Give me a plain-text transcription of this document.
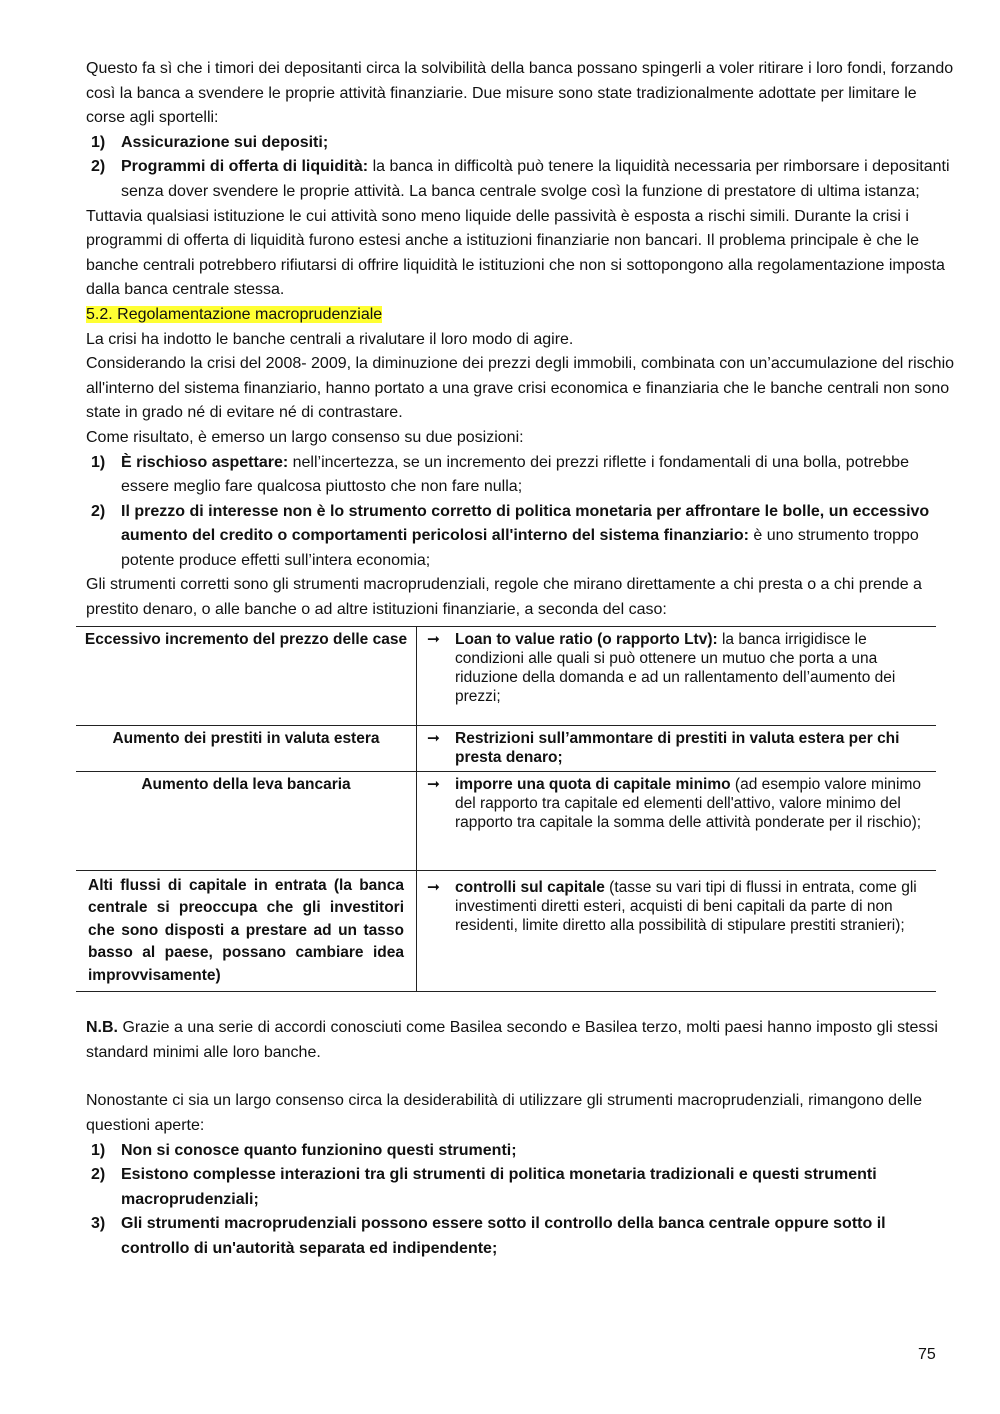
Questo fa sì che i timori dei depositanti circa la solvibilità della banca possano spingerli a voler ritirare i loro fondi, forzando così la banca a svendere le proprie attività finanziarie. Due misure sono state tradizionalmente adottate per limitare le corse agli sportelli:

1) Assicurazione sui depositi;
2) Programmi di offerta di liquidità: la banca in difficoltà può tenere la liquidità necessaria per rimborsare i depositanti senza dover svendere le proprie attività. La banca centrale svolge così la funzione di prestatore di ultima istanza;

Tuttavia qualsiasi istituzione le cui attività sono meno liquide delle passività è esposta a rischi simili. Durante la crisi i programmi di offerta di liquidità furono estesi anche a istituzioni finanziarie non bancari. Il problema principale è che le banche centrali potrebbero rifiutarsi di offrire liquidità le istituzioni che non si sottopongono alla regolamentazione imposta dalla banca centrale stessa.

5.2. Regolamentazione macroprudenziale

La crisi ha indotto le banche centrali a rivalutare il loro modo di agire.

Considerando la crisi del 2008- 2009, la diminuzione dei prezzi degli immobili, combinata con un’accumulazione del rischio all'interno del sistema finanziario, hanno portato a una grave crisi economica e finanziaria che le banche centrali non sono state in grado né di evitare né di contrastare.

Come risultato, è emerso un largo consenso su due posizioni:

1) È rischioso aspettare: nell’incertezza, se un incremento dei prezzi riflette i fondamentali di una bolla, potrebbe essere meglio fare qualcosa piuttosto che non fare nulla;
2) Il prezzo di interesse non è lo strumento corretto di politica monetaria per affrontare le bolle, un eccessivo aumento del credito o comportamenti pericolosi all'interno del sistema finanziario: è uno strumento troppo potente produce effetti sull’intera economia;

Gli strumenti corretti sono gli strumenti macroprudenziali, regole che mirano direttamente a chi presta o a chi prende a prestito denaro, o alle banche o ad altre istituzioni finanziarie, a seconda del caso:

Eccessivo incremento del prezzo delle case	➞ Loan to value ratio (o rapporto Ltv): la banca irrigidisce le condizioni alle quali si può ottenere un mutuo che porta a una riduzione della domanda e ad un rallentamento dell’aumento dei prezzi;

Aumento dei prestiti in valuta estera	➞ Restrizioni sull’ammontare di prestiti in valuta estera per chi presta denaro;

Aumento della leva bancaria	➞ imporre una quota di capitale minimo (ad esempio valore minimo del rapporto tra capitale ed elementi dell'attivo, valore minimo del rapporto tra capitale la somma delle attività ponderate per il rischio);

Alti flussi di capitale in entrata (la banca centrale si preoccupa che gli investitori che sono disposti a prestare ad un tasso basso al paese, possano cambiare idea improvvisamente)	➞ controlli sul capitale (tasse su vari tipi di flussi in entrata, come gli investimenti diretti esteri, acquisti di beni capitali da parte di non residenti, limite diretto alla possibilità di stipulare prestiti stranieri);

N.B. Grazie a una serie di accordi conosciuti come Basilea secondo e Basilea terzo, molti paesi hanno imposto gli stessi standard minimi alle loro banche.

Nonostante ci sia un largo consenso circa la desiderabilità di utilizzare gli strumenti macroprudenziali, rimangono delle questioni aperte:

1) Non si conosce quanto funzionino questi strumenti;
2) Esistono complesse interazioni tra gli strumenti di politica monetaria tradizionali e questi strumenti macroprudenziali;
3) Gli strumenti macroprudenziali possono essere sotto il controllo della banca centrale oppure sotto il controllo di un'autorità separata ed indipendente;
75
